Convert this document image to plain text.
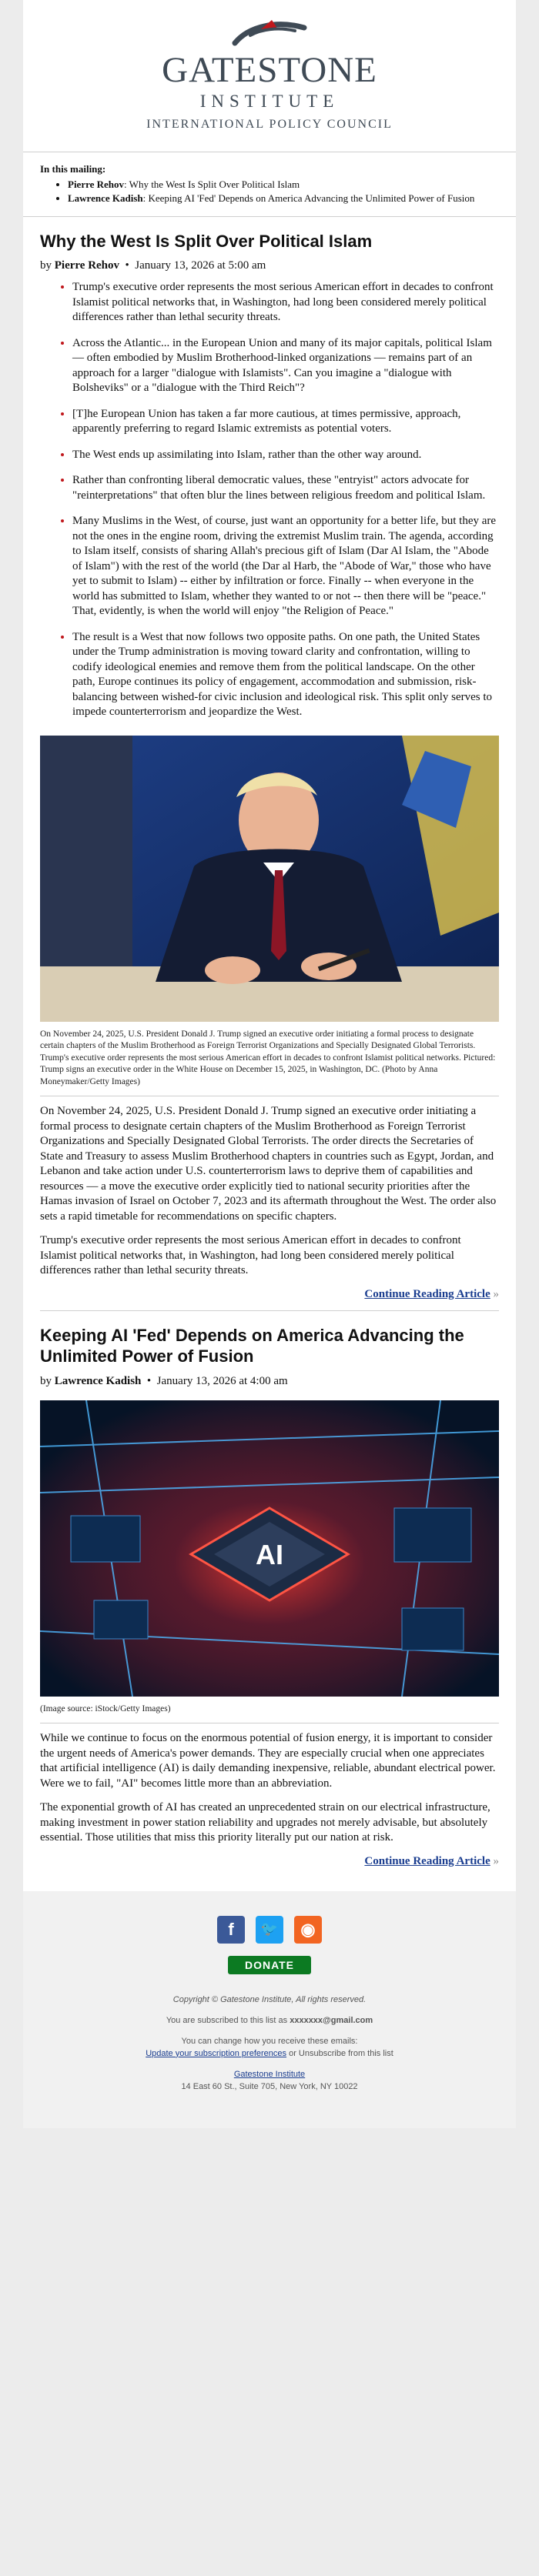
GATESTONE
INSTITUTE
INTERNATIONAL POLICY COUNCIL
In this mailing:
• Pierre Rehov: Why the West Is Split Over Political Islam
• Lawrence Kadish: Keeping AI 'Fed' Depends on America Advancing the Unlimited Power of Fusion
Why the West Is Split Over Political Islam
by Pierre Rehov  •  January 13, 2026 at 5:00 am
• Trump's executive order represents the most serious American effort in decades to confront Islamist political networks that, in Washington, had long been considered merely political differences rather than lethal security threats.
• Across the Atlantic... in the European Union and many of its major capitals, political Islam — often embodied by Muslim Brotherhood-linked organizations — remains part of an approach for a larger "dialogue with Islamists". Can you imagine a "dialogue with Bolsheviks" or a "dialogue with the Third Reich"?
• [T]he European Union has taken a far more cautious, at times permissive, approach, apparently preferring to regard Islamic extremists as potential voters.
• The West ends up assimilating into Islam, rather than the other way around.
• Rather than confronting liberal democratic values, these "entryist" actors advocate for "reinterpretations" that often blur the lines between religious freedom and political Islam.
• Many Muslims in the West, of course, just want an opportunity for a better life, but they are not the ones in the engine room, driving the extremist Muslim train. The agenda, according to Islam itself, consists of sharing Allah's precious gift of Islam (Dar Al Islam, the "Abode of Islam") with the rest of the world (the Dar al Harb, the "Abode of War," those who have yet to submit to Islam) -- either by infiltration or force. Finally -- when everyone in the world has submitted to Islam, whether they wanted to or not -- then there will be "peace." That, evidently, is when the world will enjoy "the Religion of Peace."
• The result is a West that now follows two opposite paths. On one path, the United States under the Trump administration is moving toward clarity and confrontation, willing to codify ideological enemies and remove them from the political landscape. On the other path, Europe continues its policy of engagement, accommodation and submission, risk-balancing between wished-for civic inclusion and ideological risk. This split only serves to impede counterterrorism and jeopardize the West.
On November 24, 2025, U.S. President Donald J. Trump signed an executive order initiating a formal process to designate certain chapters of the Muslim Brotherhood as Foreign Terrorist Organizations and Specially Designated Global Terrorists. Trump's executive order represents the most serious American effort in decades to confront Islamist political networks. Pictured: Trump signs an executive order in the White House on December 15, 2025, in Washington, DC. (Photo by Anna Moneymaker/Getty Images)

On November 24, 2025, U.S. President Donald J. Trump signed an executive order initiating a formal process to designate certain chapters of the Muslim Brotherhood as Foreign Terrorist Organizations and Specially Designated Global Terrorists. The order directs the Secretaries of State and Treasury to assess Muslim Brotherhood chapters in countries such as Egypt, Jordan, and Lebanon and take action under U.S. counterterrorism laws to deprive them of capabilities and resources — a move the executive order explicitly tied to national security priorities after the Hamas invasion of Israel on October 7, 2023 and its aftermath throughout the West. The order also sets a rapid timetable for recommendations on specific chapters.

Trump's executive order represents the most serious American effort in decades to confront Islamist political networks that, in Washington, had long been considered merely political differences rather than lethal security threats.

Continue Reading Article »
Keeping AI 'Fed' Depends on America Advancing the Unlimited Power of Fusion
by Lawrence Kadish  •  January 13, 2026 at 4:00 am
AI
(Image source: iStock/Getty Images)

While we continue to focus on the enormous potential of fusion energy, it is important to consider the urgent needs of America's power demands. They are especially crucial when one appreciates that artificial intelligence (AI) is daily demanding inexpensive, reliable, abundant electrical power. Were we to fail, "AI" becomes little more than an abbreviation.

The exponential growth of AI has created an unprecedented strain on our electrical infrastructure, making investment in power station reliability and upgrades not merely advisable, but absolutely essential. Those utilities that miss this priority literally put our nation at risk.

Continue Reading Article »
f	🐦	◉
DONATE

Copyright © Gatestone Institute, All rights reserved.

You are subscribed to this list as xxxxxxx@gmail.com

You can change how you receive these emails:
Update your subscription preferences or Unsubscribe from this list

Gatestone Institute
14 East 60 St., Suite 705, New York, NY 10022
